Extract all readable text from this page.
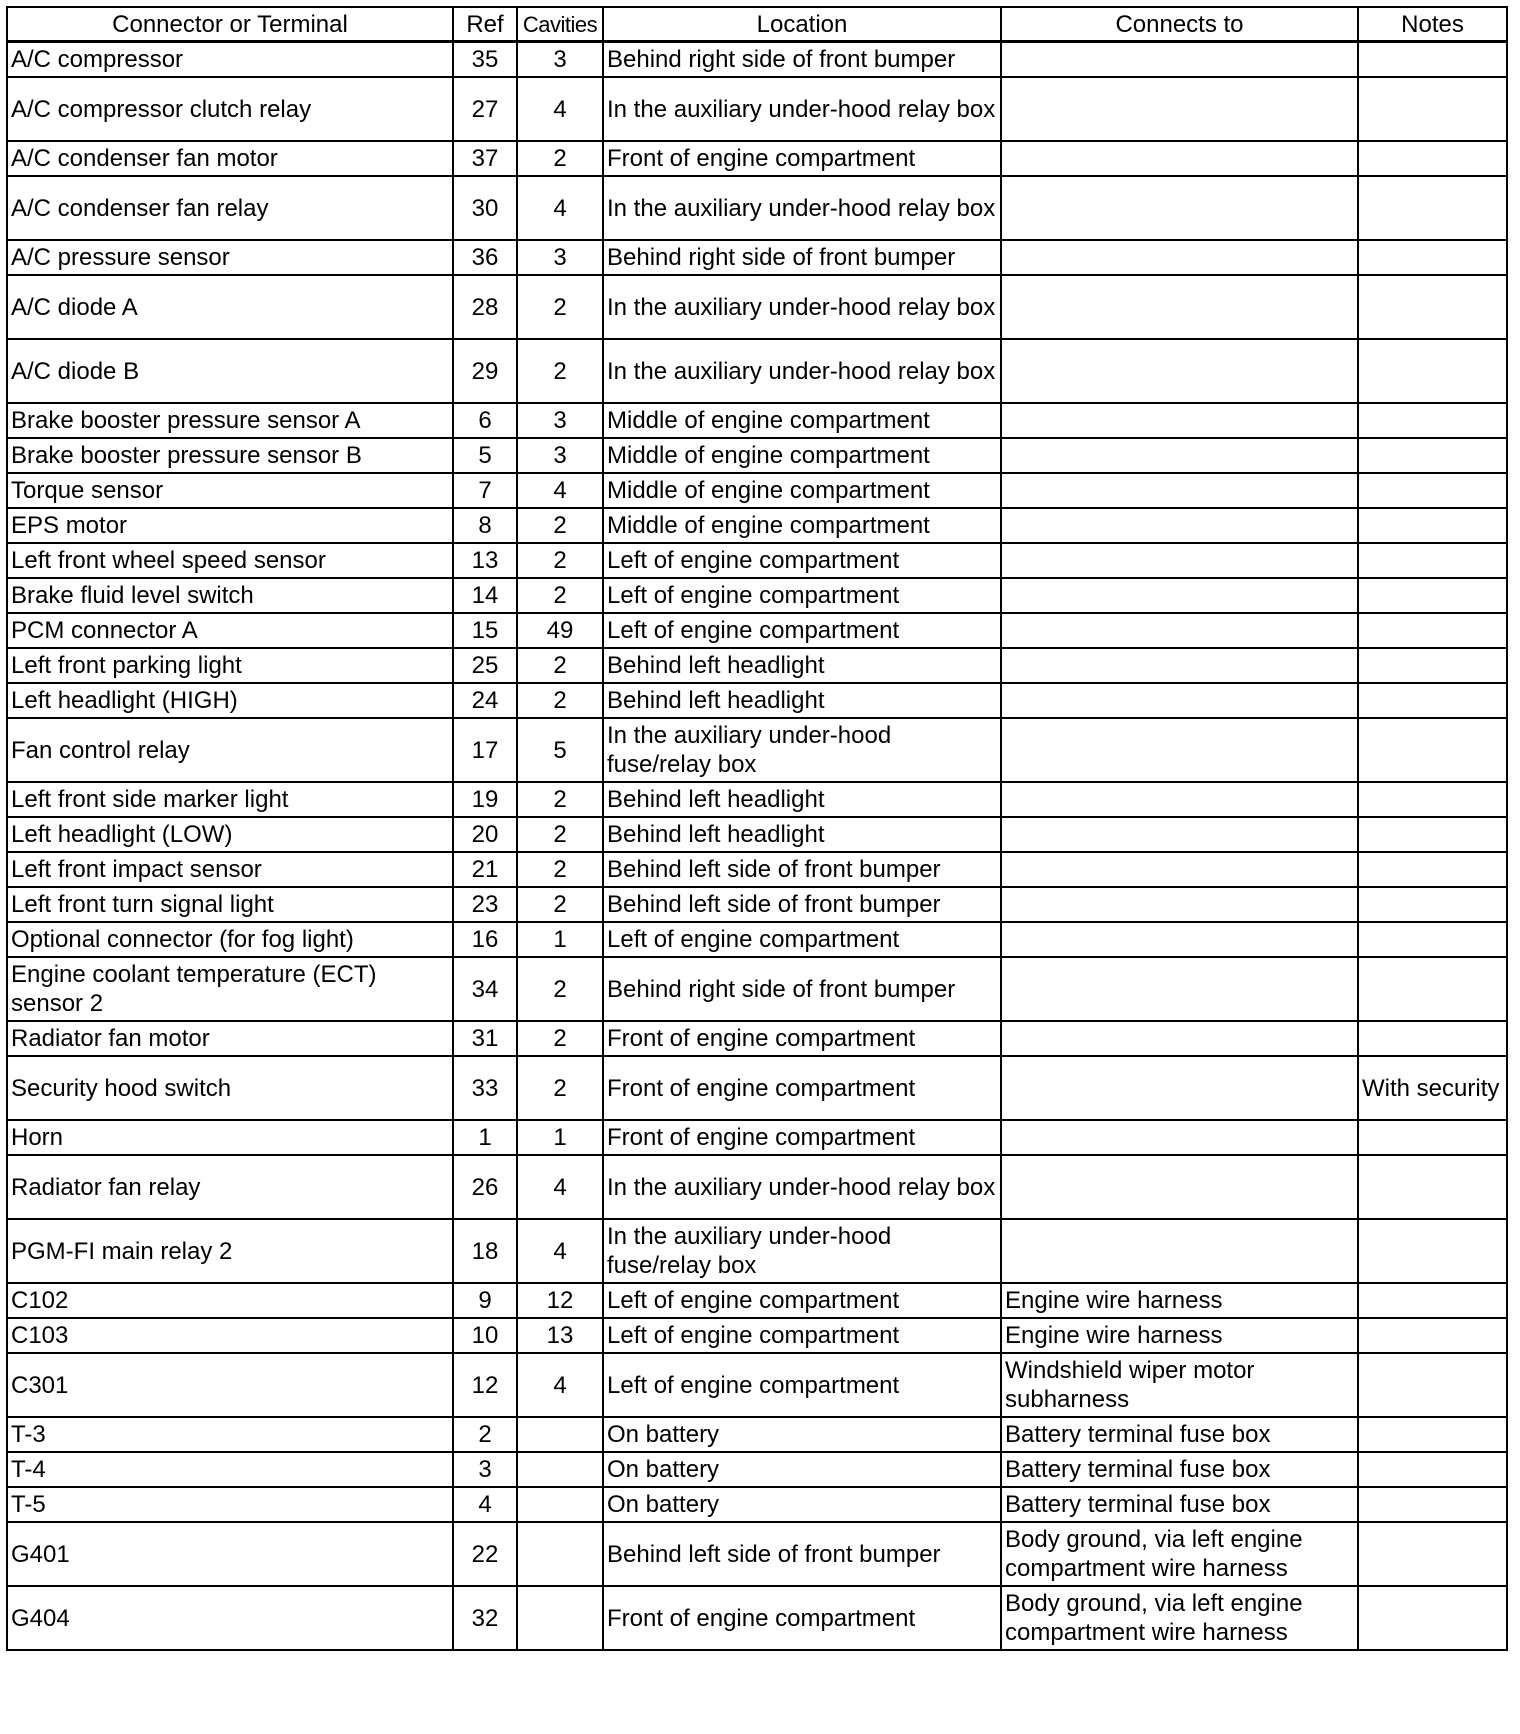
Connector or Terminal	Ref	Cavities	Location	Connects to	Notes
A/C compressor	35	3	Behind right side of front bumper		
A/C compressor clutch relay	27	4	In the auxiliary under-hood relay box		
A/C condenser fan motor	37	2	Front of engine compartment		
A/C condenser fan relay	30	4	In the auxiliary under-hood relay box		
A/C pressure sensor	36	3	Behind right side of front bumper		
A/C diode A	28	2	In the auxiliary under-hood relay box		
A/C diode B	29	2	In the auxiliary under-hood relay box		
Brake booster pressure sensor A	6	3	Middle of engine compartment		
Brake booster pressure sensor B	5	3	Middle of engine compartment		
Torque sensor	7	4	Middle of engine compartment		
EPS motor	8	2	Middle of engine compartment		
Left front wheel speed sensor	13	2	Left of engine compartment		
Brake fluid level switch	14	2	Left of engine compartment		
PCM connector A	15	49	Left of engine compartment		
Left front parking light	25	2	Behind left headlight		
Left headlight (HIGH)	24	2	Behind left headlight		
Fan control relay	17	5	In the auxiliary under-hood fuse/relay box		
Left front side marker light	19	2	Behind left headlight		
Left headlight (LOW)	20	2	Behind left headlight		
Left front impact sensor	21	2	Behind left side of front bumper		
Left front turn signal light	23	2	Behind left side of front bumper		
Optional connector (for fog light)	16	1	Left of engine compartment		
Engine coolant temperature (ECT) sensor 2	34	2	Behind right side of front bumper		
Radiator fan motor	31	2	Front of engine compartment		
Security hood switch	33	2	Front of engine compartment		With security
Horn	1	1	Front of engine compartment		
Radiator fan relay	26	4	In the auxiliary under-hood relay box		
PGM-FI main relay 2	18	4	In the auxiliary under-hood fuse/relay box		
C102	9	12	Left of engine compartment	Engine wire harness	
C103	10	13	Left of engine compartment	Engine wire harness	
C301	12	4	Left of engine compartment	Windshield wiper motor subharness	
T-3	2		On battery	Battery terminal fuse box	
T-4	3		On battery	Battery terminal fuse box	
T-5	4		On battery	Battery terminal fuse box	
G401	22		Behind left side of front bumper	Body ground, via left engine compartment wire harness	
G404	32		Front of engine compartment	Body ground, via left engine compartment wire harness	
